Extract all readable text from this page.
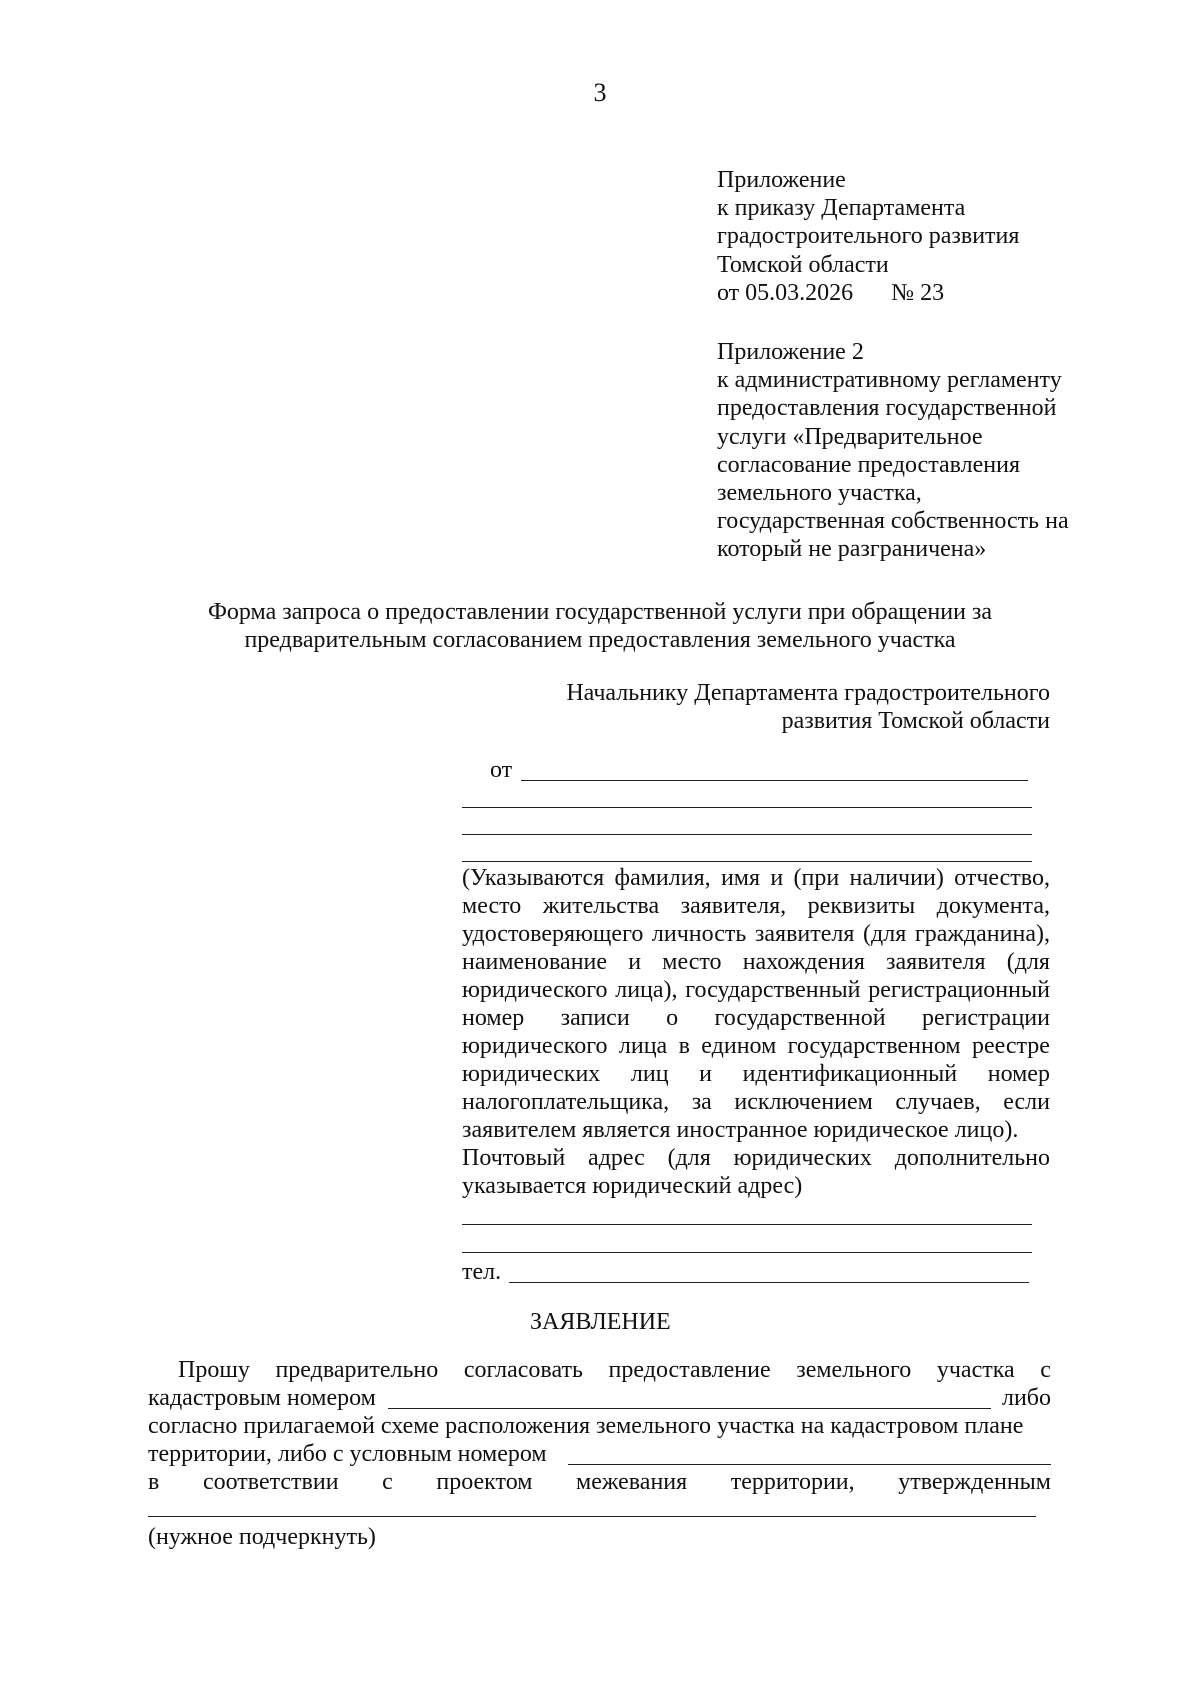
3
Приложение
к приказу Департамента
градостроительного развития
Томской области
от 05.03.2026 № 23
Приложение 2
к административному регламенту
предоставления государственной
услуги «Предварительное
согласование предоставления
земельного участка,
государственная собственность на
который не разграничена»
Форма запроса о предоставлении государственной услуги при обращении за
предварительным согласованием предоставления земельного участка
Начальнику Департамента градостроительного
развития Томской области
от
(Указываются фамилия, имя и (при наличии) отчество,
место жительства заявителя, реквизиты документа,
удостоверяющего личность заявителя (для гражданина),
наименование и место нахождения заявителя (для
юридического лица), государственный регистрационный
номер записи о государственной регистрации
юридического лица в едином государственном реестре
юридических лиц и идентификационный номер
налогоплательщика, за исключением случаев, если
заявителем является иностранное юридическое лицо).
Почтовый адрес (для юридических дополнительно
указывается юридический адрес)
тел.
ЗАЯВЛЕНИЕ
Прошу предварительно согласовать предоставление земельного участка с
кадастровым номером	либо
согласно прилагаемой схеме расположения земельного участка на кадастровом плане
территории, либо с условным номером
в соответствии с проектом межевания территории, утвержденным
(нужное подчеркнуть)
